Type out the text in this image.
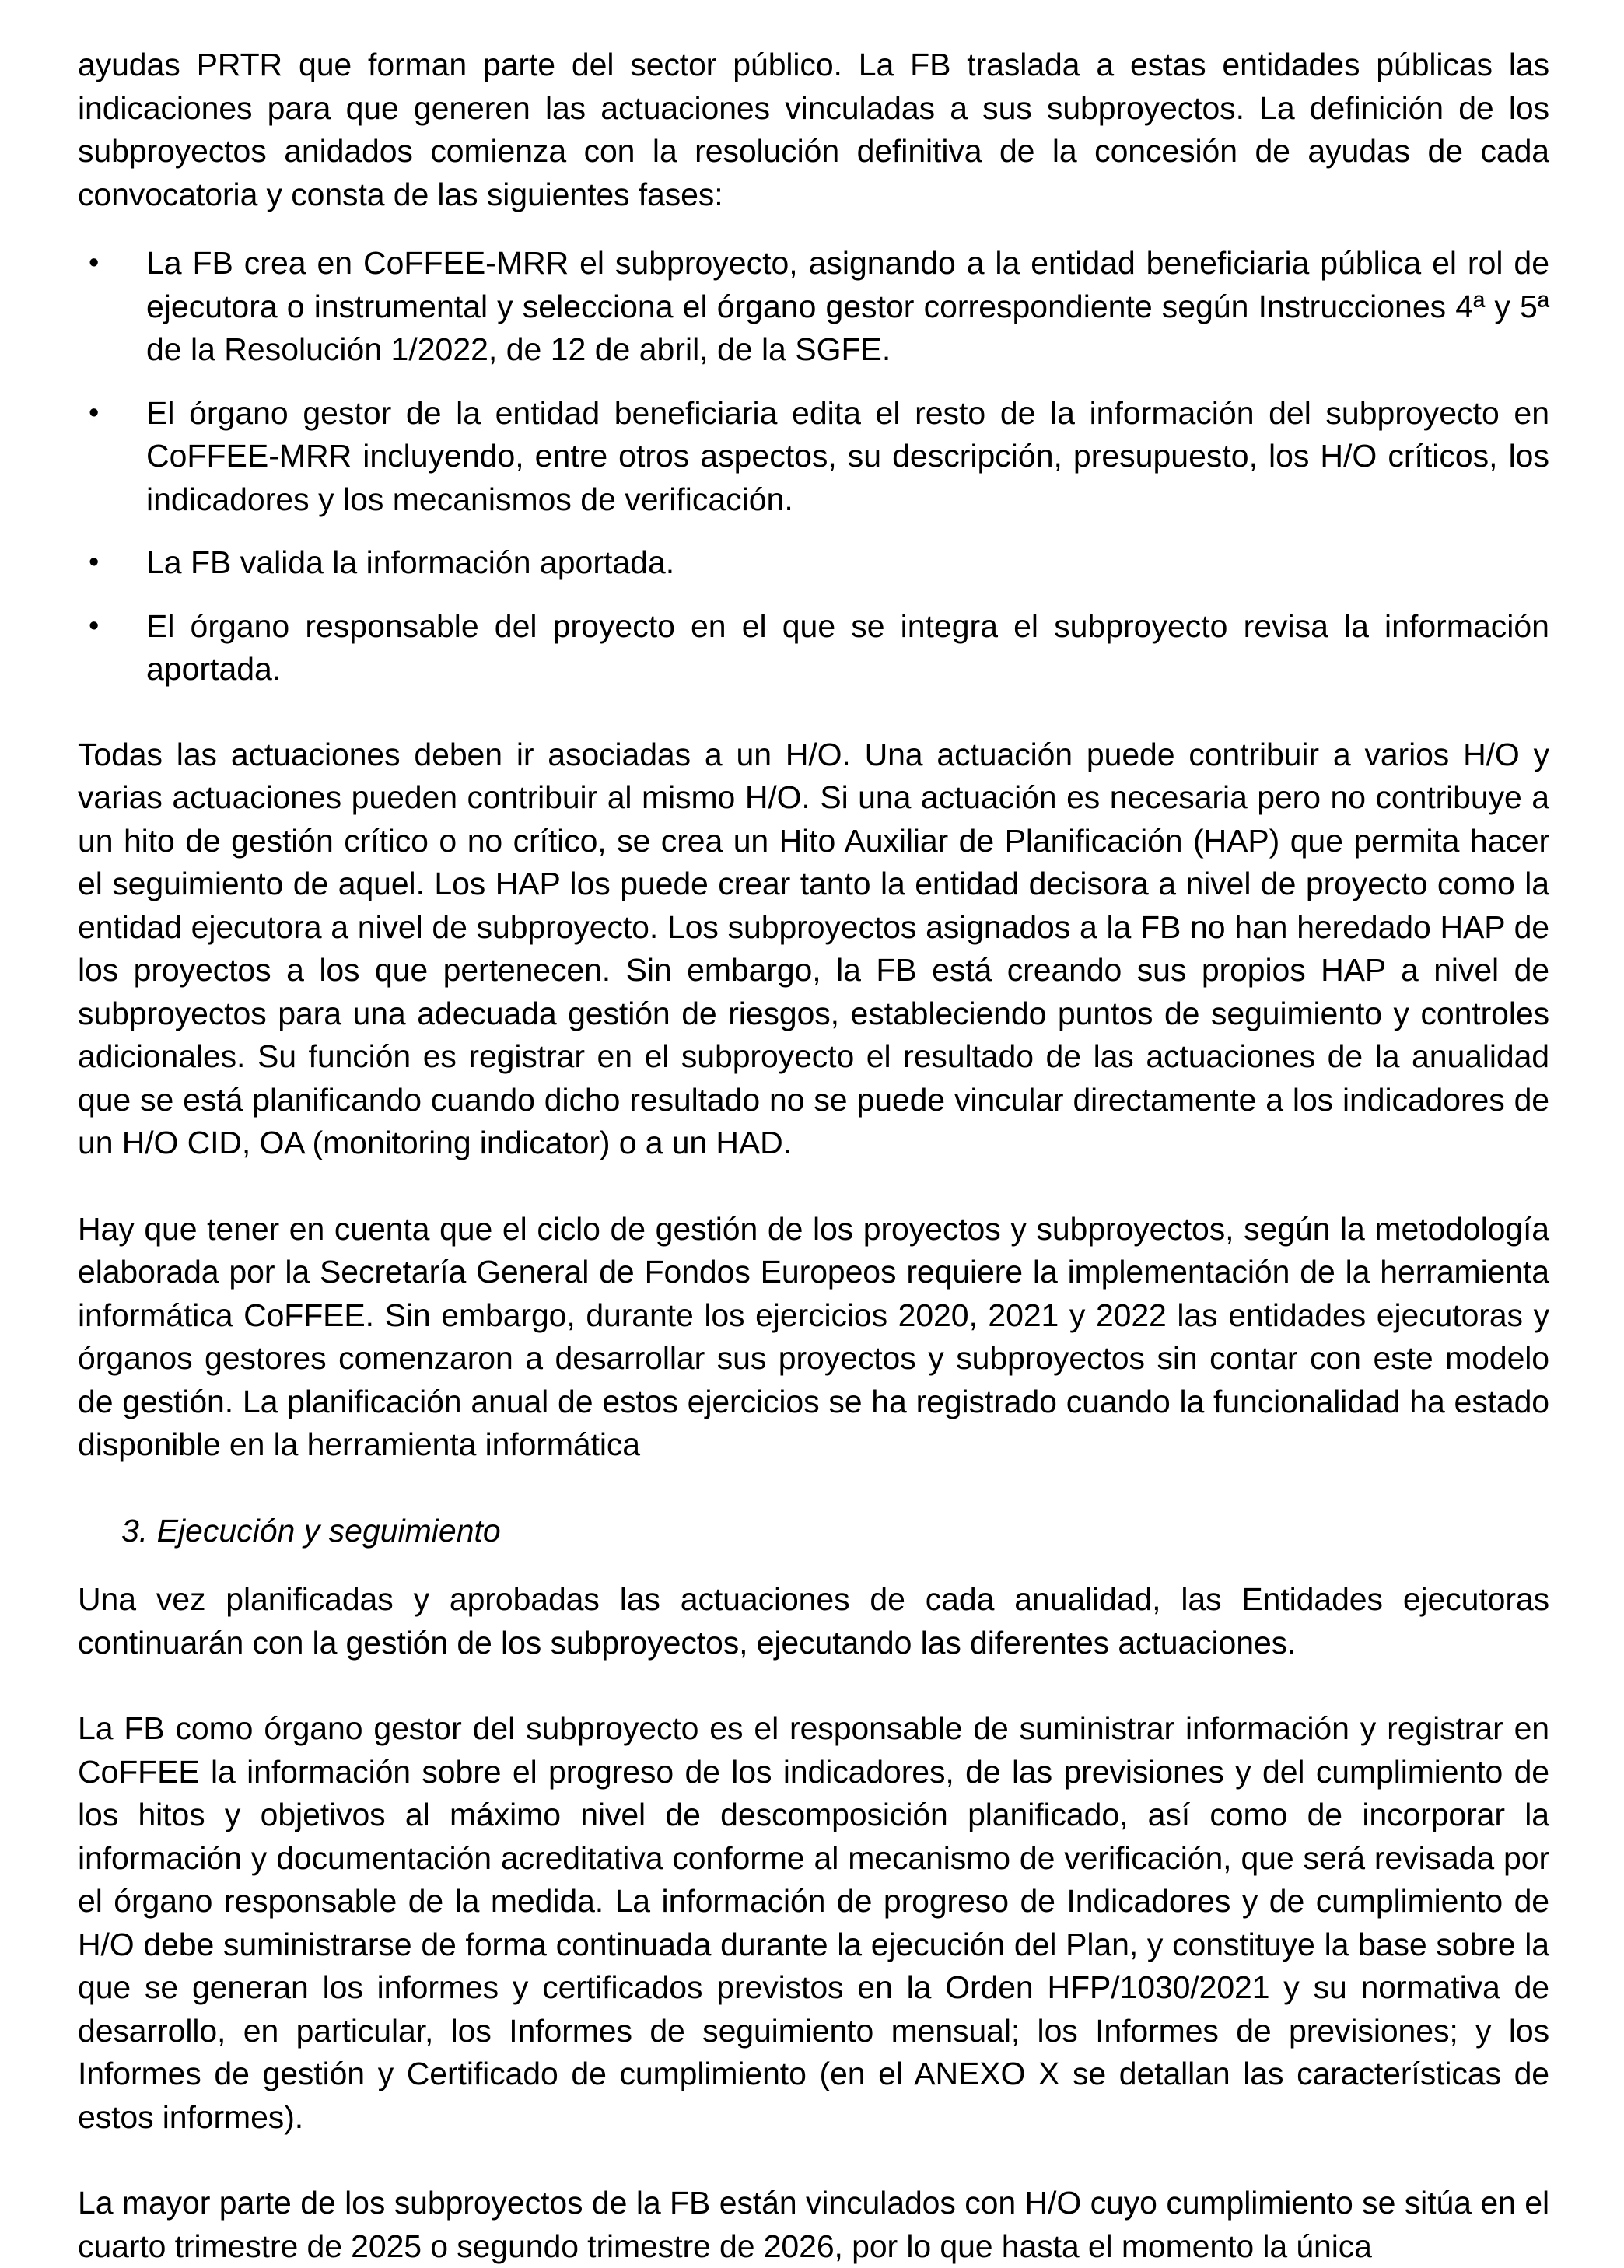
ayudas PRTR que forman parte del sector público. La FB traslada a estas entidades públicas las indicaciones para que generen las actuaciones vinculadas a sus subproyectos. La definición de los subproyectos anidados comienza con la resolución definitiva de la concesión de ayudas de cada convocatoria y consta de las siguientes fases:

• La FB crea en CoFFEE-MRR el subproyecto, asignando a la entidad beneficiaria pública el rol de ejecutora o instrumental y selecciona el órgano gestor correspondiente según Instrucciones 4ª y 5ª de la Resolución 1/2022, de 12 de abril, de la SGFE.
• El órgano gestor de la entidad beneficiaria edita el resto de la información del subproyecto en CoFFEE-MRR incluyendo, entre otros aspectos, su descripción, presupuesto, los H/O críticos, los indicadores y los mecanismos de verificación.
• La FB valida la información aportada.
• El órgano responsable del proyecto en el que se integra el subproyecto revisa la información aportada.

Todas las actuaciones deben ir asociadas a un H/O. Una actuación puede contribuir a varios H/O y varias actuaciones pueden contribuir al mismo H/O. Si una actuación es necesaria pero no contribuye a un hito de gestión crítico o no crítico, se crea un Hito Auxiliar de Planificación (HAP) que permita hacer el seguimiento de aquel. Los HAP los puede crear tanto la entidad decisora a nivel de proyecto como la entidad ejecutora a nivel de subproyecto. Los subproyectos asignados a la FB no han heredado HAP de los proyectos a los que pertenecen. Sin embargo, la FB está creando sus propios HAP a nivel de subproyectos para una adecuada gestión de riesgos, estableciendo puntos de seguimiento y controles adicionales. Su función es registrar en el subproyecto el resultado de las actuaciones de la anualidad que se está planificando cuando dicho resultado no se puede vincular directamente a los indicadores de un H/O CID, OA (monitoring indicator) o a un HAD.

Hay que tener en cuenta que el ciclo de gestión de los proyectos y subproyectos, según la metodología elaborada por la Secretaría General de Fondos Europeos requiere la implementación de la herramienta informática CoFFEE. Sin embargo, durante los ejercicios 2020, 2021 y 2022 las entidades ejecutoras y órganos gestores comenzaron a desarrollar sus proyectos y subproyectos sin contar con este modelo de gestión. La planificación anual de estos ejercicios se ha registrado cuando la funcionalidad ha estado disponible en la herramienta informática

3. Ejecución y seguimiento

Una vez planificadas y aprobadas las actuaciones de cada anualidad, las Entidades ejecutoras continuarán con la gestión de los subproyectos, ejecutando las diferentes actuaciones.

La FB como órgano gestor del subproyecto es el responsable de suministrar información y registrar en CoFFEE la información sobre el progreso de los indicadores, de las previsiones y del cumplimiento de los hitos y objetivos al máximo nivel de descomposición planificado, así como de incorporar la información y documentación acreditativa conforme al mecanismo de verificación, que será revisada por el órgano responsable de la medida. La información de progreso de Indicadores y de cumplimiento de H/O debe suministrarse de forma continuada durante la ejecución del Plan, y constituye la base sobre la que se generan los informes y certificados previstos en la Orden HFP/1030/2021 y su normativa de desarrollo, en particular, los Informes de seguimiento mensual; los Informes de previsiones; y los Informes de gestión y Certificado de cumplimiento (en el ANEXO X se detallan las características de estos informes).

La mayor parte de los subproyectos de la FB están vinculados con H/O cuyo cumplimiento se sitúa en el cuarto trimestre de 2025 o segundo trimestre de 2026, por lo que hasta el momento la única
